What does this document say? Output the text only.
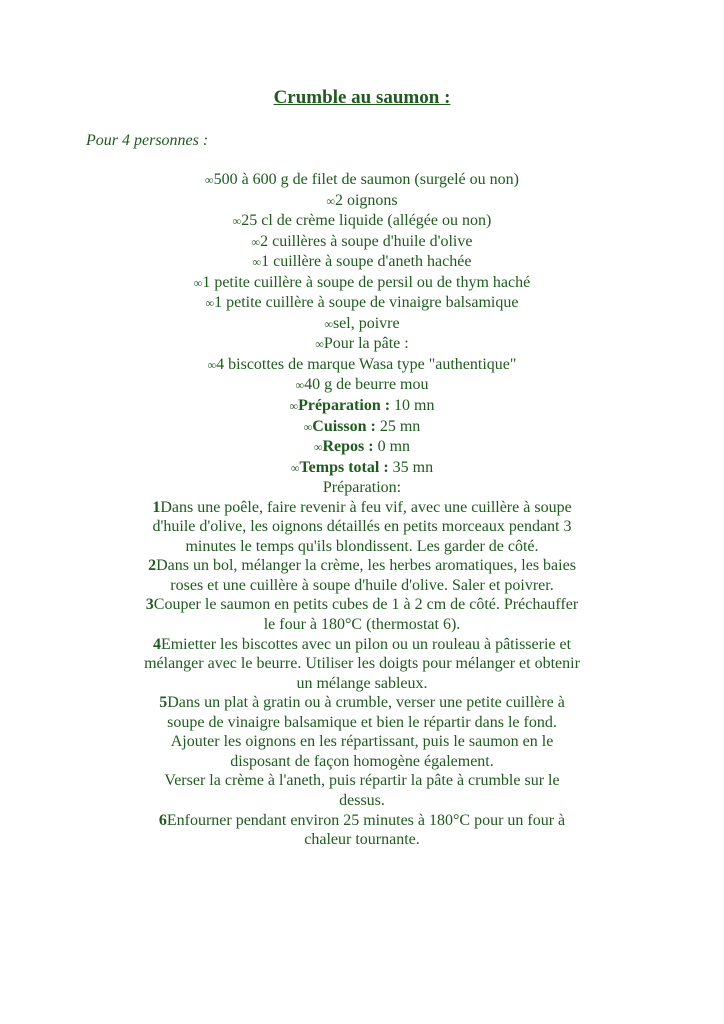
Crumble au saumon :
Pour 4 personnes :
∞500 à 600 g de filet de saumon (surgelé ou non)
∞2 oignons
∞25 cl de crème liquide (allégée ou non)
∞2 cuillères à soupe d'huile d'olive
∞1 cuillère à soupe d'aneth hachée
∞1 petite cuillère à soupe de persil ou de thym haché
∞1 petite cuillère à soupe de vinaigre balsamique
∞sel, poivre
∞Pour la pâte :
∞4 biscottes de marque Wasa type "authentique"
∞40 g de beurre mou
∞Préparation : 10 mn
∞Cuisson : 25 mn
∞Repos : 0 mn
∞Temps total : 35 mn
Préparation:
1Dans une poêle, faire revenir à feu vif, avec une cuillère à soupe d'huile d'olive, les oignons détaillés en petits morceaux pendant 3 minutes le temps qu'ils blondissent. Les garder de côté.
2Dans un bol, mélanger la crème, les herbes aromatiques, les baies roses et une cuillère à soupe d'huile d'olive. Saler et poivrer.
3Couper le saumon en petits cubes de 1 à 2 cm de côté. Préchauffer le four à 180°C (thermostat 6).
4Emietter les biscottes avec un pilon ou un rouleau à pâtisserie et mélanger avec le beurre. Utiliser les doigts pour mélanger et obtenir un mélange sableux.
5Dans un plat à gratin ou à crumble, verser une petite cuillère à soupe de vinaigre balsamique et bien le répartir dans le fond.
Ajouter les oignons en les répartissant, puis le saumon en le disposant de façon homogène également.
Verser la crème à l'aneth, puis répartir la pâte à crumble sur le dessus.
6Enfourner pendant environ 25 minutes à 180°C pour un four à chaleur tournante.
